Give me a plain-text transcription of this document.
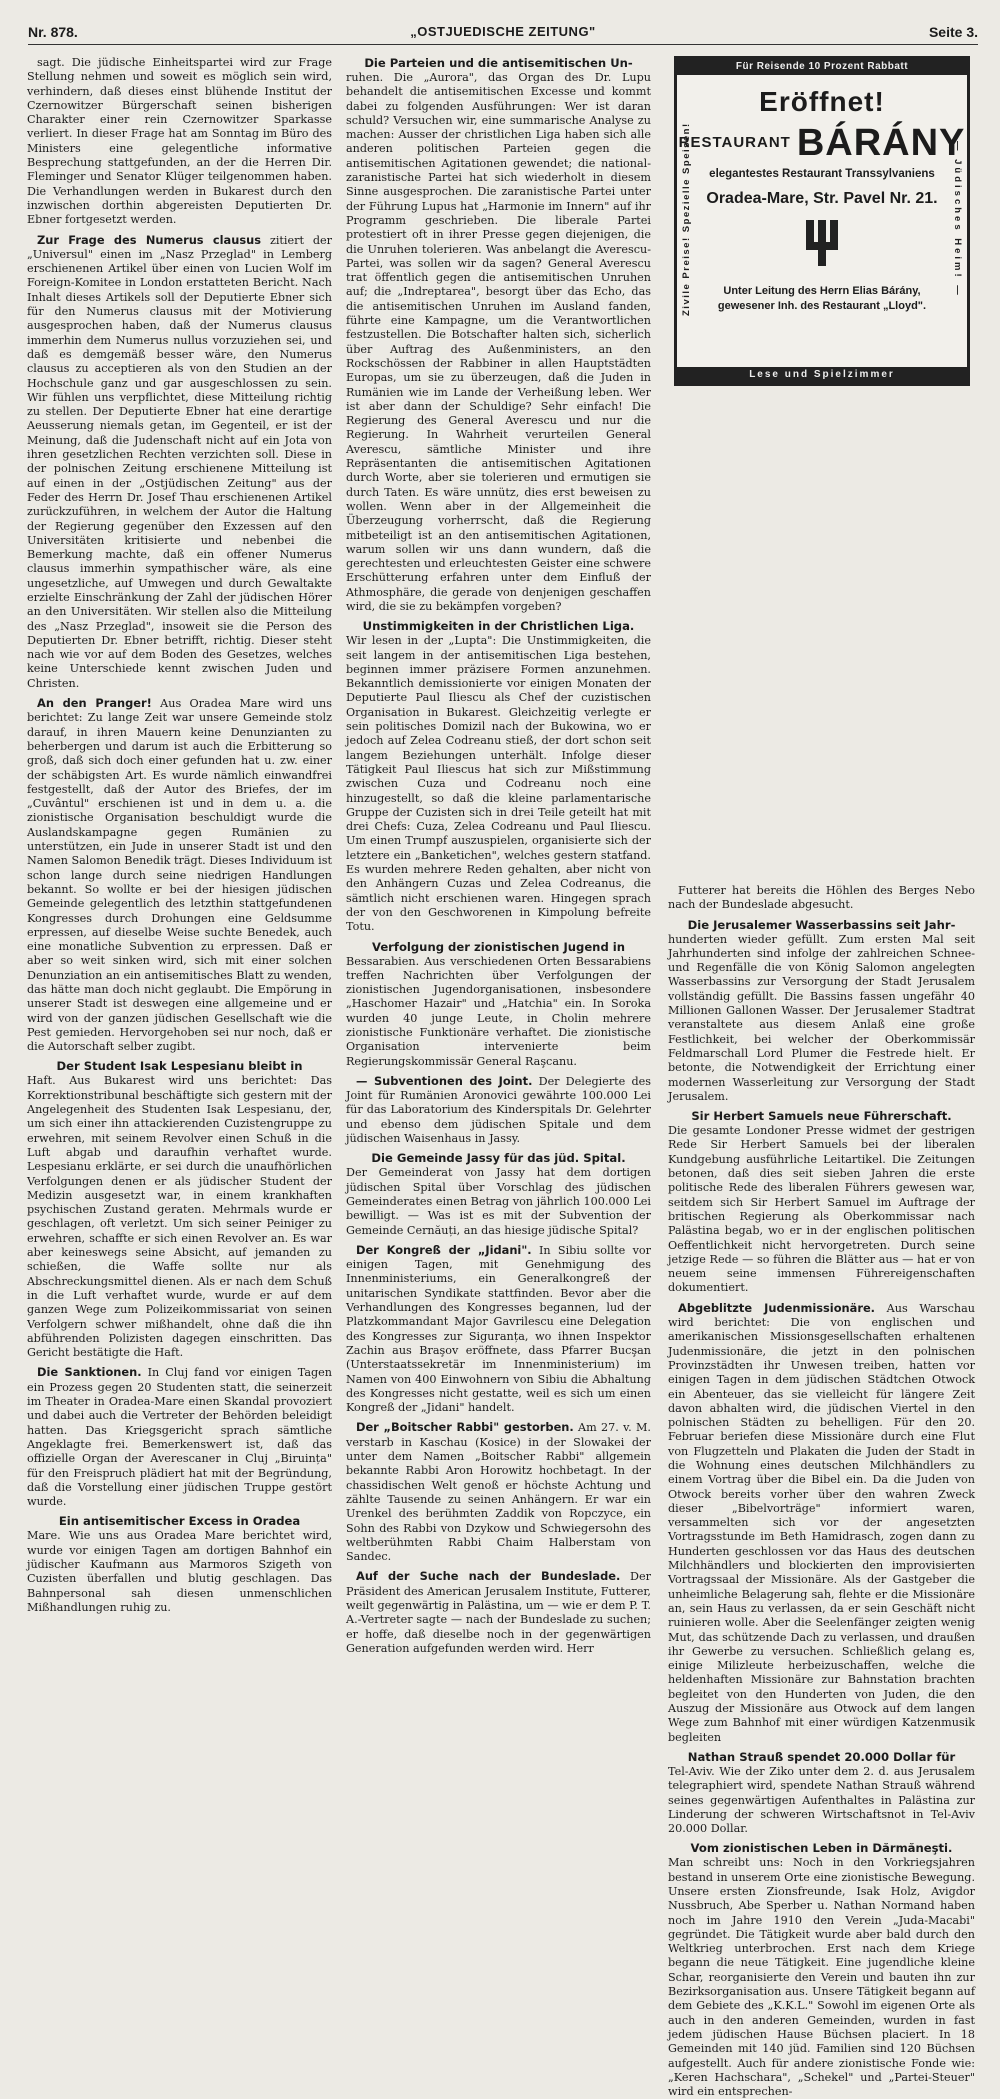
Nr. 878.	„OSTJUEDISCHE ZEITUNG"	Seite 3.

sagt. Die jüdische Einheitspartei wird zur Frage Stellung nehmen und soweit es möglich sein wird, verhindern, daß dieses einst blühende Institut der Czernowitzer Bürgerschaft seinen bisherigen Charakter einer rein Czernowitzer Sparkasse verliert. In dieser Frage hat am Sonntag im Büro des Ministers eine gelegentliche informative Besprechung stattgefunden, an der die Herren Dir. Fleminger und Senator Klüger teilgenommen haben. Die Verhandlungen werden in Bukarest durch den inzwischen dorthin abgereisten Deputierten Dr. Ebner fortgesetzt werden.

Zur Frage des Numerus clausus zitiert der „Universul" einen im „Nasz Przeglad" in Lemberg erschienenen Artikel über einen von Lucien Wolf im Foreign-Komitee in London erstatteten Bericht. Nach Inhalt dieses Artikels soll der Deputierte Ebner sich für den Numerus clausus mit der Motivierung ausgesprochen haben, daß der Numerus clausus immerhin dem Numerus nullus vorzuziehen sei, und daß es demgemäß besser wäre, den Numerus clausus zu acceptieren als von den Studien an der Hochschule ganz und gar ausgeschlossen zu sein. Wir fühlen uns verpflichtet, diese Mitteilung richtig zu stellen. Der Deputierte Ebner hat eine derartige Aeusserung niemals getan, im Gegenteil, er ist der Meinung, daß die Judenschaft nicht auf ein Jota von ihren gesetzlichen Rechten verzichten soll. Diese in der polnischen Zeitung erschienene Mitteilung ist auf einen in der „Ostjüdischen Zeitung" aus der Feder des Herrn Dr. Josef Thau erschienenen Artikel zurückzuführen, in welchem der Autor die Haltung der Regierung gegenüber den Exzessen auf den Universitäten kritisierte und nebenbei die Bemerkung machte, daß ein offener Numerus clausus immerhin sympathischer wäre, als eine ungesetzliche, auf Umwegen und durch Gewaltakte erzielte Einschränkung der Zahl der jüdischen Hörer an den Universitäten. Wir stellen also die Mitteilung des „Nasz Przeglad", insoweit sie die Person des Deputierten Dr. Ebner betrifft, richtig. Dieser steht nach wie vor auf dem Boden des Gesetzes, welches keine Unterschiede kennt zwischen Juden und Christen.

An den Pranger! Aus Oradea Mare wird uns berichtet: Zu lange Zeit war unsere Gemeinde stolz darauf, in ihren Mauern keine Denunzianten zu beherbergen und darum ist auch die Erbitterung so groß, daß sich doch einer gefunden hat u. zw. einer der schäbigsten Art. Es wurde nämlich einwandfrei festgestellt, daß der Autor des Briefes, der im „Cuvântul" erschienen ist und in dem u. a. die zionistische Organisation beschuldigt wurde die Auslandskampagne gegen Rumänien zu unterstützen, ein Jude in unserer Stadt ist und den Namen Salomon Benedik trägt. Dieses Individuum ist schon lange durch seine niedrigen Handlungen bekannt. So wollte er bei der hiesigen jüdischen Gemeinde gelegentlich des letzthin stattgefundenen Kongresses durch Drohungen eine Geldsumme erpressen, auf dieselbe Weise suchte Benedek, auch eine monatliche Subvention zu erpressen. Daß er aber so weit sinken wird, sich mit einer solchen Denunziation an ein antisemitisches Blatt zu wenden, das hätte man doch nicht geglaubt. Die Empörung in unserer Stadt ist deswegen eine allgemeine und er wird von der ganzen jüdischen Gesellschaft wie die Pest gemieden. Hervorgehoben sei nur noch, daß er die Autorschaft selber zugibt.

Der Student Isak Lespesianu bleibt in

Haft. Aus Bukarest wird uns berichtet: Das Korrektionstribunal beschäftigte sich gestern mit der Angelegenheit des Studenten Isak Lespesianu, der, um sich einer ihn attackierenden Cuzistengruppe zu erwehren, mit seinem Revolver einen Schuß in die Luft abgab und daraufhin verhaftet wurde. Lespesianu erklärte, er sei durch die unaufhörlichen Verfolgungen denen er als jüdischer Student der Medizin ausgesetzt war, in einem krankhaften psychischen Zustand geraten. Mehrmals wurde er geschlagen, oft verletzt. Um sich seiner Peiniger zu erwehren, schaffte er sich einen Revolver an. Es war aber keineswegs seine Absicht, auf jemanden zu schießen, die Waffe sollte nur als Abschreckungsmittel dienen. Als er nach dem Schuß in die Luft verhaftet wurde, wurde er auf dem ganzen Wege zum Polizeikommissariat von seinen Verfolgern schwer mißhandelt, ohne daß die ihn abführenden Polizisten dagegen einschritten. Das Gericht bestätigte die Haft.

Die Sanktionen. In Cluj fand vor einigen Tagen ein Prozess gegen 20 Studenten statt, die seinerzeit im Theater in Oradea-Mare einen Skandal provoziert und dabei auch die Vertreter der Behörden beleidigt hatten. Das Kriegsgericht sprach sämtliche Angeklagte frei. Bemerkenswert ist, daß das offizielle Organ der Averescaner in Cluj „Biruința" für den Freispruch plädiert hat mit der Begründung, daß die Vorstellung einer jüdischen Truppe gestört wurde.

Ein antisemitischer Excess in Oradea

Mare. Wie uns aus Oradea Mare berichtet wird, wurde vor einigen Tagen am dortigen Bahnhof ein jüdischer Kaufmann aus Marmoros Szigeth von Cuzisten überfallen und blutig geschlagen. Das Bahnpersonal sah diesen unmenschlichen Mißhandlungen ruhig zu.

Die Parteien und die antisemitischen Un-

ruhen. Die „Aurora", das Organ des Dr. Lupu behandelt die antisemitischen Excesse und kommt dabei zu folgenden Ausführungen: Wer ist daran schuld? Versuchen wir, eine summarische Analyse zu machen: Ausser der christlichen Liga haben sich alle anderen politischen Parteien gegen die antisemitischen Agitationen gewendet; die national-zaranistische Partei hat sich wiederholt in diesem Sinne ausgesprochen. Die zaranistische Partei unter der Führung Lupus hat „Harmonie im Innern" auf ihr Programm geschrieben. Die liberale Partei protestiert oft in ihrer Presse gegen diejenigen, die die Unruhen tolerieren. Was anbelangt die Averescu-Partei, was sollen wir da sagen? General Averescu trat öffentlich gegen die antisemitischen Unruhen auf; die „Indreptarea", besorgt über das Echo, das die antisemitischen Unruhen im Ausland fanden, führte eine Kampagne, um die Verantwortlichen festzustellen. Die Botschafter halten sich, sicherlich über Auftrag des Außenministers, an den Rockschössen der Rabbiner in allen Hauptstädten Europas, um sie zu überzeugen, daß die Juden in Rumänien wie im Lande der Verheißung leben. Wer ist aber dann der Schuldige? Sehr einfach! Die Regierung des General Averescu und nur die Regierung. In Wahrheit verurteilen General Averescu, sämtliche Minister und ihre Repräsentanten die antisemitischen Agitationen durch Worte, aber sie tolerieren und ermutigen sie durch Taten. Es wäre unnütz, dies erst beweisen zu wollen. Wenn aber in der Allgemeinheit die Überzeugung vorherrscht, daß die Regierung mitbeteiligt ist an den antisemitischen Agitationen, warum sollen wir uns dann wundern, daß die gerechtesten und erleuchtesten Geister eine schwere Erschütterung erfahren unter dem Einfluß der Athmosphäre, die gerade von denjenigen geschaffen wird, die sie zu bekämpfen vorgeben?

Unstimmigkeiten in der Christlichen Liga.

Wir lesen in der „Lupta": Die Unstimmigkeiten, die seit langem in der antisemitischen Liga bestehen, beginnen immer präzisere Formen anzunehmen. Bekanntlich demissionierte vor einigen Monaten der Deputierte Paul Iliescu als Chef der cuzistischen Organisation in Bukarest. Gleichzeitig verlegte er sein politisches Domizil nach der Bukowina, wo er jedoch auf Zelea Codreanu stieß, der dort schon seit langem Beziehungen unterhält. Infolge dieser Tätigkeit Paul Iliescus hat sich zur Mißstimmung zwischen Cuza und Codreanu noch eine hinzugestellt, so daß die kleine parlamentarische Gruppe der Cuzisten sich in drei Teile geteilt hat mit drei Chefs: Cuza, Zelea Codreanu und Paul Iliescu. Um einen Trumpf auszuspielen, organisierte sich der letztere ein „Banketichen", welches gestern statfand. Es wurden mehrere Reden gehalten, aber nicht von den Anhängern Cuzas und Zelea Codreanus, die sämtlich nicht erschienen waren. Hingegen sprach der von den Geschworenen in Kimpolung befreite Totu.

Verfolgung der zionistischen Jugend in

Bessarabien. Aus verschiedenen Orten Bessarabiens treffen Nachrichten über Verfolgungen der zionistischen Jugendorganisationen, insbesondere „Haschomer Hazair" und „Hatchia" ein. In Soroka wurden 40 junge Leute, in Cholin mehrere zionistische Funktionäre verhaftet. Die zionistische Organisation intervenierte beim Regierungskommissär General Raşcanu.

— Subventionen des Joint. Der Delegierte des Joint für Rumänien Aronovici gewährte 100.000 Lei für das Laboratorium des Kinderspitals Dr. Gelehrter und ebenso dem jüdischen Spitale und dem jüdischen Waisenhaus in Jassy.

Die Gemeinde Jassy für das jüd. Spital.

Der Gemeinderat von Jassy hat dem dortigen jüdischen Spital über Vorschlag des jüdischen Gemeinderates einen Betrag von jährlich 100.000 Lei bewilligt. — Was ist es mit der Subvention der Gemeinde Cernăuți, an das hiesige jüdische Spital?

Der Kongreß der „Jidani". In Sibiu sollte vor einigen Tagen, mit Genehmigung des Innenministeriums, ein Generalkongreß der unitarischen Syndikate stattfinden. Bevor aber die Verhandlungen des Kongresses begannen, lud der Platzkommandant Major Gavrilescu eine Delegation des Kongresses zur Siguranța, wo ihnen Inspektor Zachin aus Braşov eröffnete, dass Pfarrer Bucşan (Unterstaatssekretär im Innenministerium) im Namen von 400 Einwohnern von Sibiu die Abhaltung des Kongresses nicht gestatte, weil es sich um einen Kongreß der „Jidani" handelt.

Der „Boitscher Rabbi" gestorben. Am 27. v. M. verstarb in Kaschau (Kosice) in der Slowakei der unter dem Namen „Boitscher Rabbi" allgemein bekannte Rabbi Aron Horowitz hochbetagt. In der chassidischen Welt genoß er höchste Achtung und zählte Tausende zu seinen Anhängern. Er war ein Urenkel des berühmten Zaddik von Ropczyce, ein Sohn des Rabbi von Dzykow und Schwiegersohn des weltberühmten Rabbi Chaim Halberstam von Sandec.

Auf der Suche nach der Bundeslade. Der Präsident des American Jerusalem Institute, Futterer, weilt gegenwärtig in Palästina, um — wie er dem P. T. A.-Vertreter sagte — nach der Bundeslade zu suchen; er hoffe, daß dieselbe noch in der gegenwärtigen Generation aufgefunden werden wird. Herr

Für Reisende 10 Prozent Rabbatt
Zivile Preise! Spezielle Speisen!	— Jüdisches Heim! —
Eröffnet!
RESTAURANT BÁRÁNY
elegantestes Restaurant Transsylvaniens
Oradea-Mare, Str. Pavel Nr. 21.
Unter Leitung des Herrn Elias Bárány,
gewesener Inh. des Restaurant „Lloyd".
Lese und Spielzimmer

Futterer hat bereits die Höhlen des Berges Nebo nach der Bundeslade abgesucht.

Die Jerusalemer Wasserbassins seit Jahr-

hunderten wieder gefüllt. Zum ersten Mal seit Jahrhunderten sind infolge der zahlreichen Schnee- und Regenfälle die von König Salomon angelegten Wasserbassins zur Versorgung der Stadt Jerusalem vollständig gefüllt. Die Bassins fassen ungefähr 40 Millionen Gallonen Wasser. Der Jerusalemer Stadtrat veranstaltete aus diesem Anlaß eine große Festlichkeit, bei welcher der Oberkommissär Feldmarschall Lord Plumer die Festrede hielt. Er betonte, die Notwendigkeit der Errichtung einer modernen Wasserleitung zur Versorgung der Stadt Jerusalem.

Sir Herbert Samuels neue Führerschaft.

Die gesamte Londoner Presse widmet der gestrigen Rede Sir Herbert Samuels bei der liberalen Kundgebung ausführliche Leitartikel. Die Zeitungen betonen, daß dies seit sieben Jahren die erste politische Rede des liberalen Führers gewesen war, seitdem sich Sir Herbert Samuel im Auftrage der britischen Regierung als Oberkommissar nach Palästina begab, wo er in der englischen politischen Oeffentlichkeit nicht hervorgetreten. Durch seine jetzige Rede — so führen die Blätter aus — hat er von neuem seine immensen Führereigenschaften dokumentiert.

Abgeblitzte Judenmissionäre. Aus Warschau wird berichtet: Die von englischen und amerikanischen Missionsgesellschaften erhaltenen Judenmissionäre, die jetzt in den polnischen Provinzstädten ihr Unwesen treiben, hatten vor einigen Tagen in dem jüdischen Städtchen Otwock ein Abenteuer, das sie vielleicht für längere Zeit davon abhalten wird, die jüdischen Viertel in den polnischen Städten zu behelligen. Für den 20. Februar beriefen diese Missionäre durch eine Flut von Flugzetteln und Plakaten die Juden der Stadt in die Wohnung eines deutschen Milchhändlers zu einem Vortrag über die Bibel ein. Da die Juden von Otwock bereits vorher über den wahren Zweck dieser „Bibelvorträge" informiert waren, versammelten sich vor der angesetzten Vortragsstunde im Beth Hamidrasch, zogen dann zu Hunderten geschlossen vor das Haus des deutschen Milchhändlers und blockierten den improvisierten Vortragssaal der Missionäre. Als der Gastgeber die unheimliche Belagerung sah, flehte er die Missionäre an, sein Haus zu verlassen, da er sein Geschäft nicht ruinieren wolle. Aber die Seelenfänger zeigten wenig Mut, das schützende Dach zu verlassen, und draußen ihr Gewerbe zu versuchen. Schließlich gelang es, einige Milizleute herbeizuschaffen, welche die heldenhaften Missionäre zur Bahnstation brachten begleitet von den Hunderten von Juden, die den Auszug der Missionäre aus Otwock auf dem langen Wege zum Bahnhof mit einer würdigen Katzenmusik begleiten

Nathan Strauß spendet 20.000 Dollar für

Tel-Aviv. Wie der Ziko unter dem 2. d. aus Jerusalem telegraphiert wird, spendete Nathan Strauß während seines gegenwärtigen Aufenthaltes in Palästina zur Linderung der schweren Wirtschaftsnot in Tel-Aviv 20.000 Dollar.

Vom zionistischen Leben in Dărmăneşti.

Man schreibt uns: Noch in den Vorkriegsjahren bestand in unserem Orte eine zionistische Bewegung. Unsere ersten Zionsfreunde, Isak Holz, Avigdor Nussbruch, Abe Sperber u. Nathan Normand haben noch im Jahre 1910 den Verein „Juda-Macabi" gegründet. Die Tätigkeit wurde aber bald durch den Weltkrieg unterbrochen. Erst nach dem Kriege begann die neue Tätigkeit. Eine jugendliche kleine Schar, reorganisierte den Verein und bauten ihn zur Bezirksorganisation aus. Unsere Tätigkeit begann auf dem Gebiete des „K.K.L." Sowohl im eigenen Orte als auch in den anderen Gemeinden, wurden in fast jedem jüdischen Hause Büchsen placiert. In 18 Gemeinden mit 140 jüd. Familien sind 120 Büchsen aufgestellt. Auch für andere zionistische Fonde wie: „Keren Hachschara", „Schekel" und „Partei-Steuer" wird ein entsprechen-
